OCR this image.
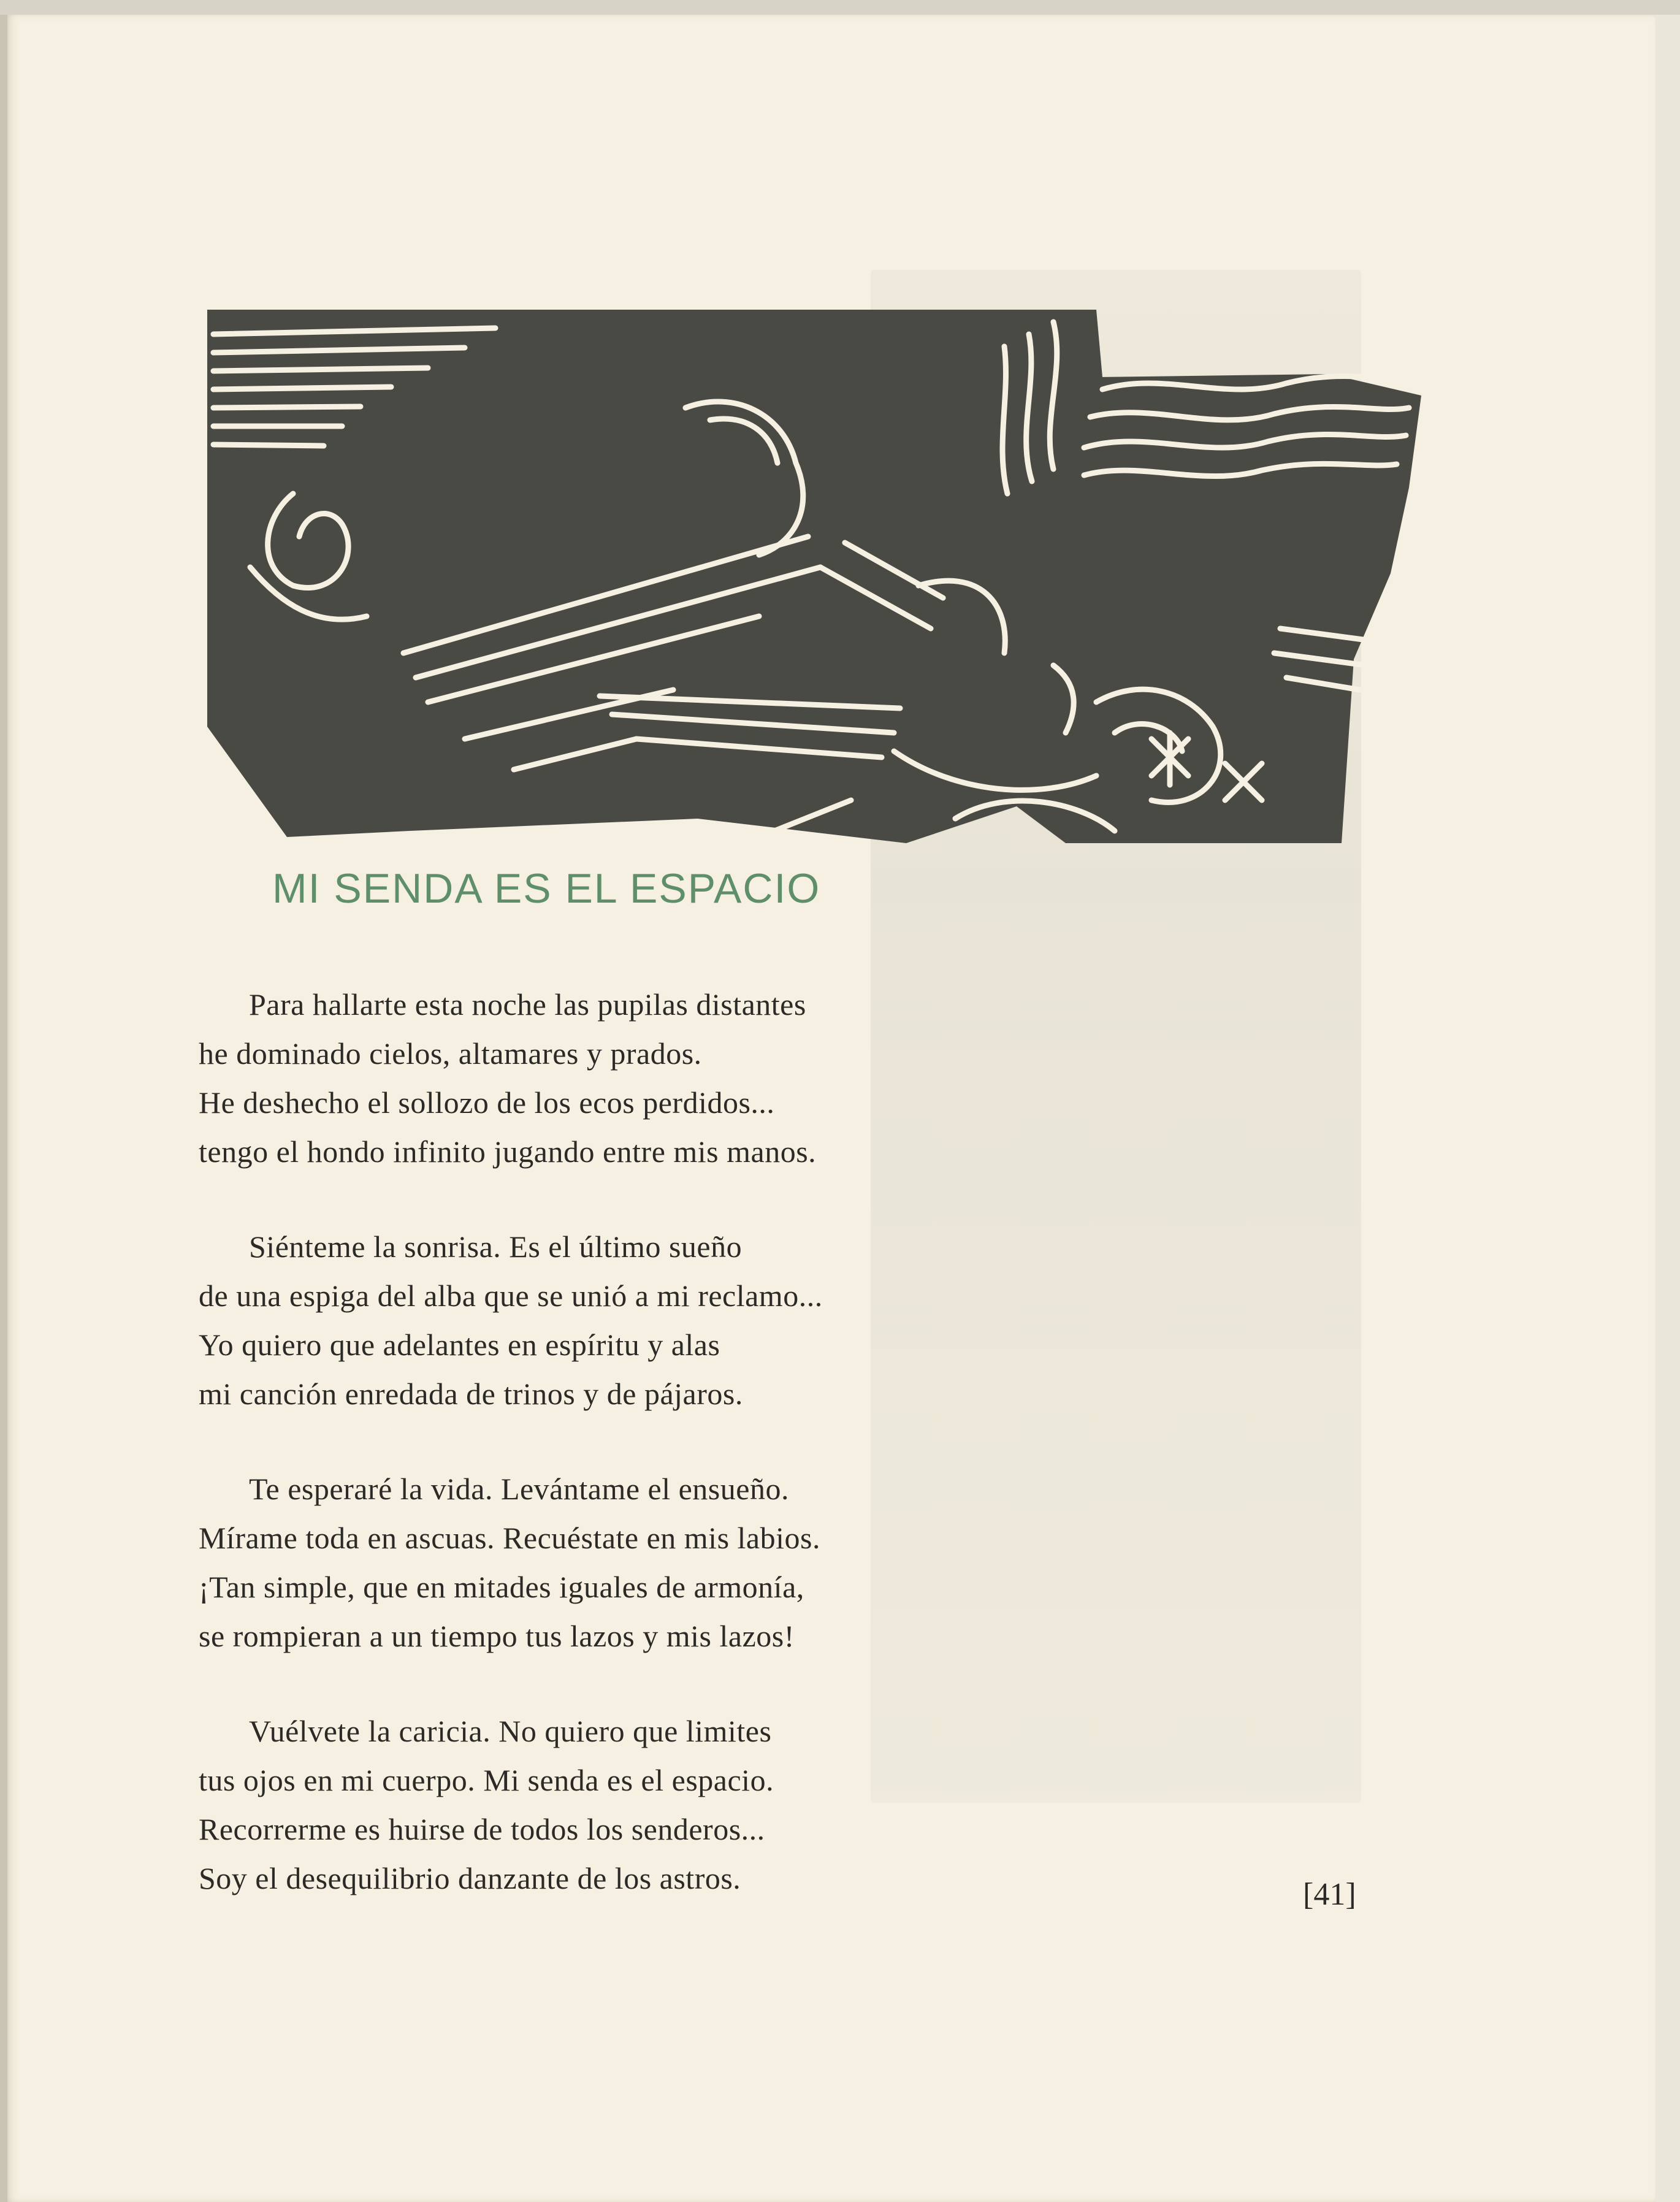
MI SENDA ES EL ESPACIO
Para hallarte esta noche las pupilas distantes
he dominado cielos, altamares y prados.
He deshecho el sollozo de los ecos perdidos...
tengo el hondo infinito jugando entre mis manos.
Siénteme la sonrisa. Es el último sueño
de una espiga del alba que se unió a mi reclamo...
Yo quiero que adelantes en espíritu y alas
mi canción enredada de trinos y de pájaros.
Te esperaré la vida. Levántame el ensueño.
Mírame toda en ascuas. Recuéstate en mis labios.
¡Tan simple, que en mitades iguales de armonía,
se rompieran a un tiempo tus lazos y mis lazos!
Vuélvete la caricia. No quiero que limites
tus ojos en mi cuerpo. Mi senda es el espacio.
Recorrerme es huirse de todos los senderos...
Soy el desequilibrio danzante de los astros.	[41]
